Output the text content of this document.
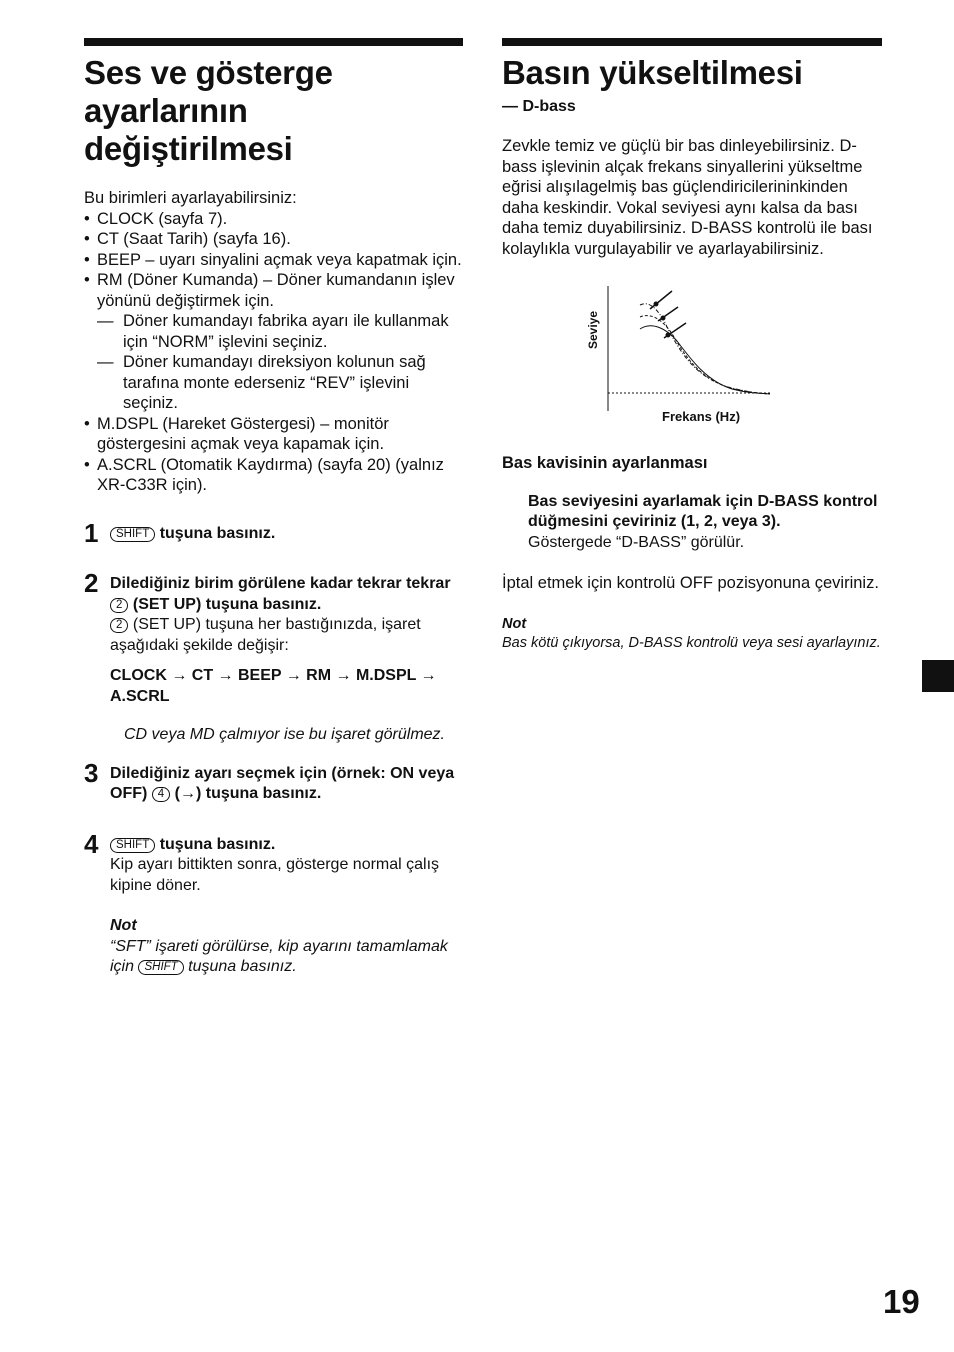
Ses ve gösterge
ayarlarının değiştirilmesi

Bu birimleri ayarlayabilirsiniz:

• CLOCK (sayfa 7).
• CT (Saat Tarih) (sayfa 16).
• BEEP – uyarı sinyalini açmak veya kapatmak için.
• RM (Döner Kumanda) – Döner kumandanın işlev yönünü değiştirmek için.
— Döner kumandayı fabrika ayarı ile kullanmak için “NORM” işlevini seçiniz.
— Döner kumandayı direksiyon kolunun sağ tarafına monte ederseniz “REV” işlevini seçiniz.
• M.DSPL (Hareket Göstergesi) – monitör göstergesini açmak veya kapamak için.
• A.SCRL (Otomatik Kaydırma) (sayfa 20) (yalnız XR-C33R için).
1	SHIFT tuşuna basınız.

2 Dilediğiniz birim görülene kadar tekrar tekrar 2 (SET UP) tuşuna basınız.

2 (SET UP) tuşuna her bastığınızda, işaret aşağıdaki şekilde değişir:

CLOCK → CT → BEEP → RM → M.DSPL → A.SCRL

CD veya MD çalmıyor ise bu işaret görülmez.

3 Dilediğiniz ayarı seçmek için (örnek: ON veya OFF) 4 (→) tuşuna basınız.

4	SHIFT tuşuna basınız.

Kip ayarı bittikten sonra, gösterge normal çalış kipine döner.

Not

“SFT” işareti görülürse, kip ayarını tamamlamak için SHIFT tuşuna basınız.

Basın yükseltilmesi
— D-bass

Zevkle temiz ve güçlü bir bas dinleyebilirsiniz. D-bass işlevinin alçak frekans sinyallerini yükseltme eğrisi alışılagelmiş bas güçlendiricilerininkinden daha keskindir. Vokal seviyesi aynı kalsa da bası daha temiz duyabilirsiniz. D-BASS kontrolü ile bası kolaylıkla vurgulayabilir ve ayarlayabilirsiniz.

Seviye
Frekans (Hz)

Bas kavisinin ayarlanması

Bas seviyesini ayarlamak için D-BASS kontrol düğmesini çeviriniz (1, 2, veya 3).

Göstergede “D-BASS” görülür.

İptal etmek için kontrolü OFF pozisyonuna çeviriniz.

Not

Bas kötü çıkıyorsa, D-BASS kontrolü veya sesi ayarlayınız.

19
